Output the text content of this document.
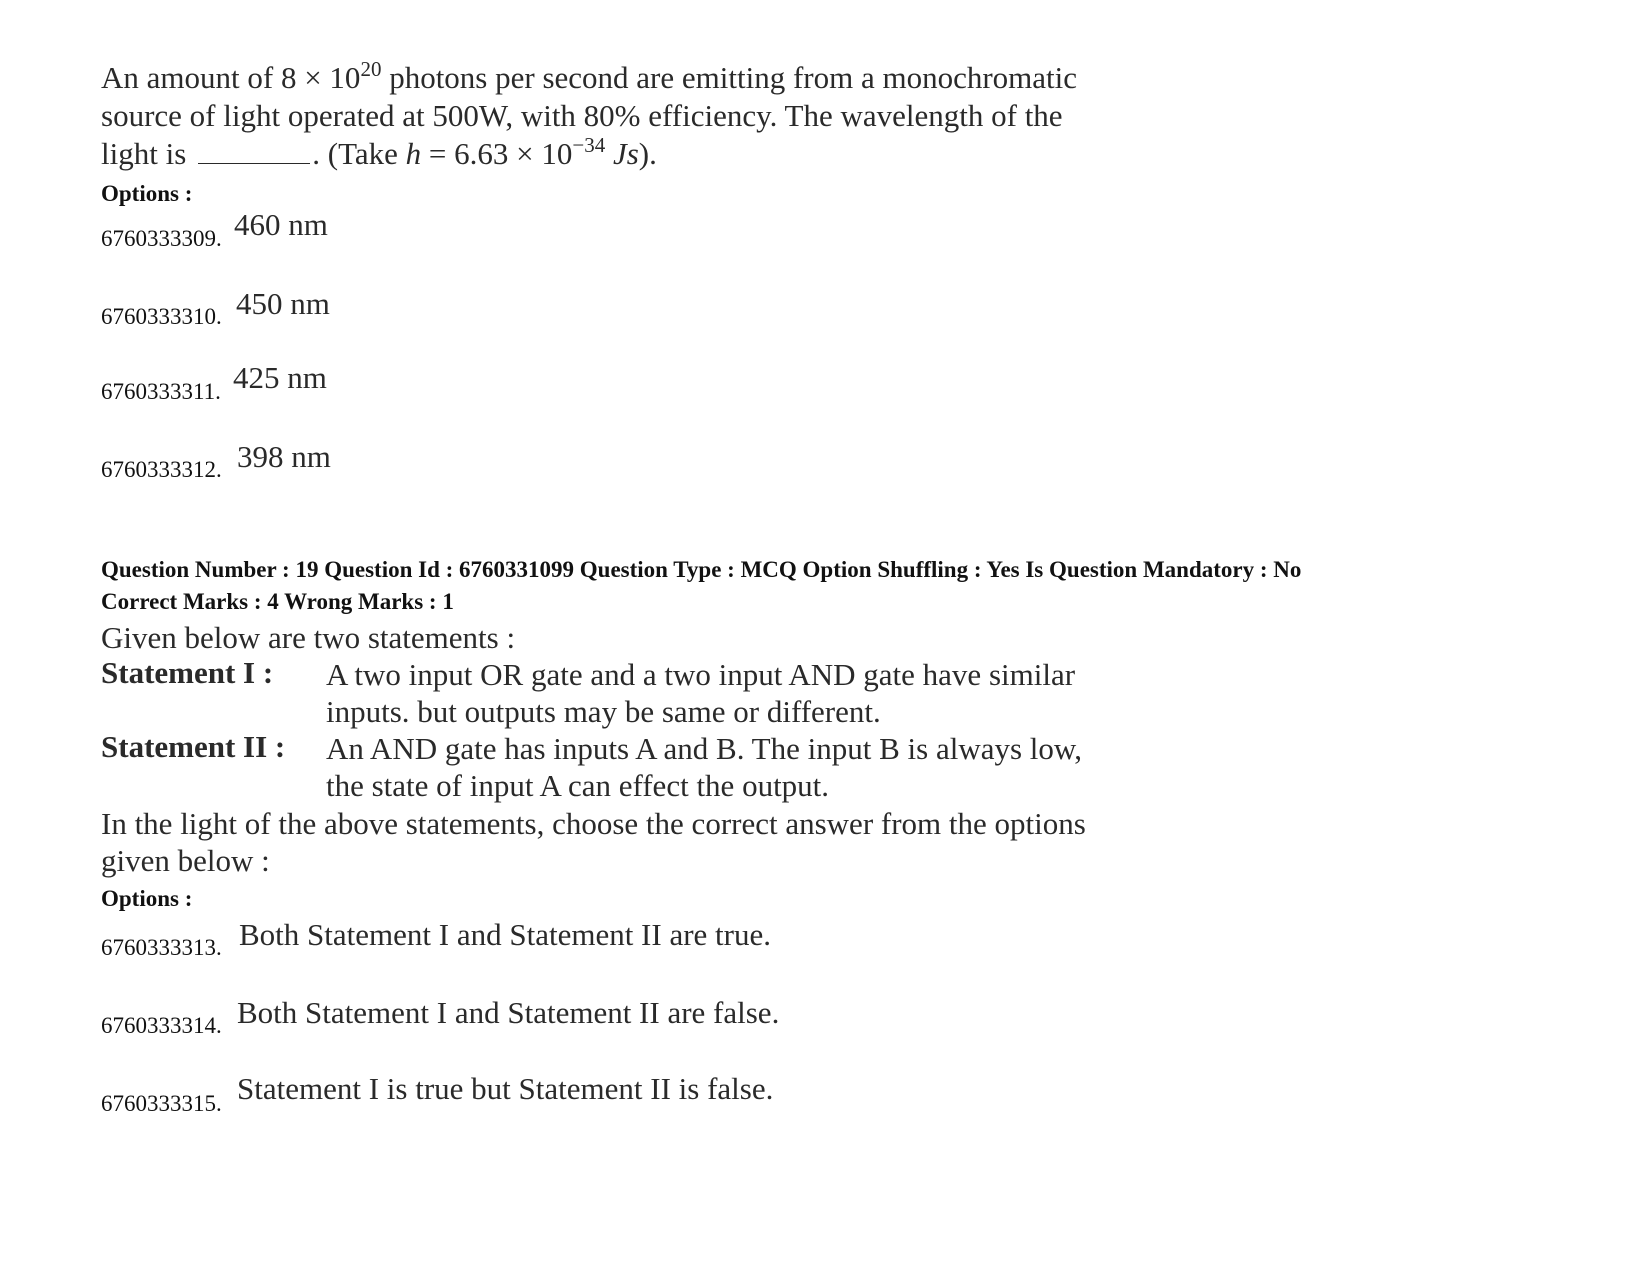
An amount of $8 \times 10^{20}$ photons per second are emitting from a monochromatic
source of light operated at 500W, with 80% efficiency. The wavelength of the
light is	. (Take $h = 6.63 \times 10^{-34}$ Js).
Options :
6760333309. 460 nm
6760333310. 450 nm
6760333311. 425 nm
6760333312. 398 nm
Question Number : 19 Question Id : 6760331099 Question Type : MCQ Option Shuffling : Yes Is Question Mandatory : No
Correct Marks : 4 Wrong Marks : 1
Given below are two statements :
Statement I : A two input OR gate and a two input AND gate have similar
inputs. but outputs may be same or different.
Statement II : An AND gate has inputs A and B. The input B is always low,
the state of input A can effect the output.
In the light of the above statements, choose the correct answer from the options
given below :
Options :
6760333313. Both Statement I and Statement II are true.
6760333314. Both Statement I and Statement II are false.
6760333315. Statement I is true but Statement II is false.
